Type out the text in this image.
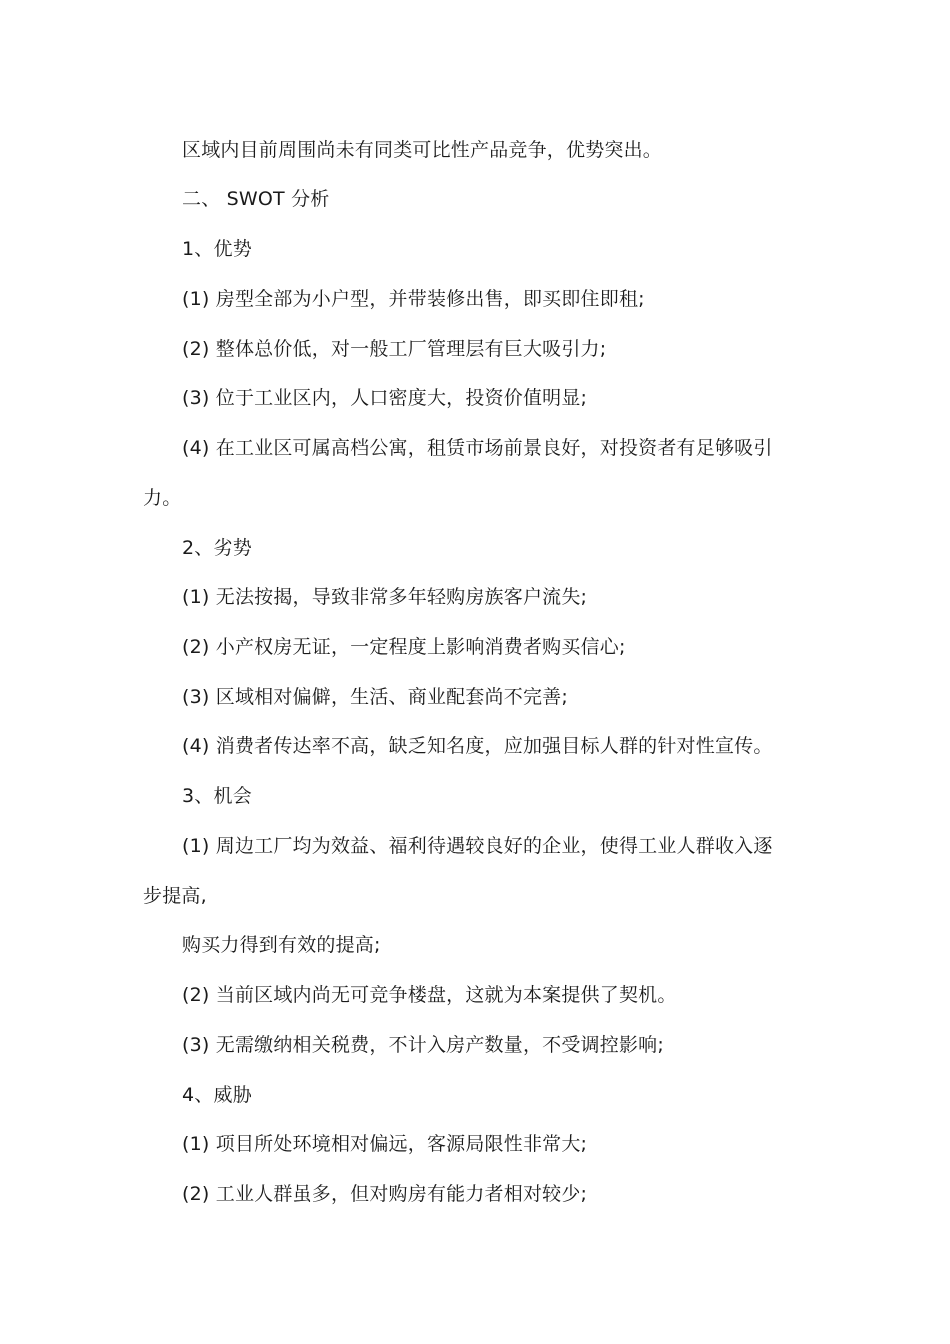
区域内目前周围尚未有同类可比性产品竞争，优势突出。
二、 SWOT 分析
1、优势
(1) 房型全部为小户型，并带装修出售，即买即住即租;
(2) 整体总价低，对一般工厂管理层有巨大吸引力;
(3) 位于工业区内，人口密度大，投资价值明显;
(4) 在工业区可属高档公寓，租赁市场前景良好，对投资者有足够吸引
力。
2、劣势
(1) 无法按揭，导致非常多年轻购房族客户流失;
(2) 小产权房无证，一定程度上影响消费者购买信心;
(3) 区域相对偏僻，生活、商业配套尚不完善;
(4) 消费者传达率不高，缺乏知名度，应加强目标人群的针对性宣传。
3、机会
(1) 周边工厂均为效益、福利待遇较良好的企业，使得工业人群收入逐
步提高,
购买力得到有效的提高;
(2) 当前区域内尚无可竞争楼盘，这就为本案提供了契机。
(3) 无需缴纳相关税费，不计入房产数量，不受调控影响;
4、威胁
(1) 项目所处环境相对偏远，客源局限性非常大;
(2) 工业人群虽多，但对购房有能力者相对较少;
